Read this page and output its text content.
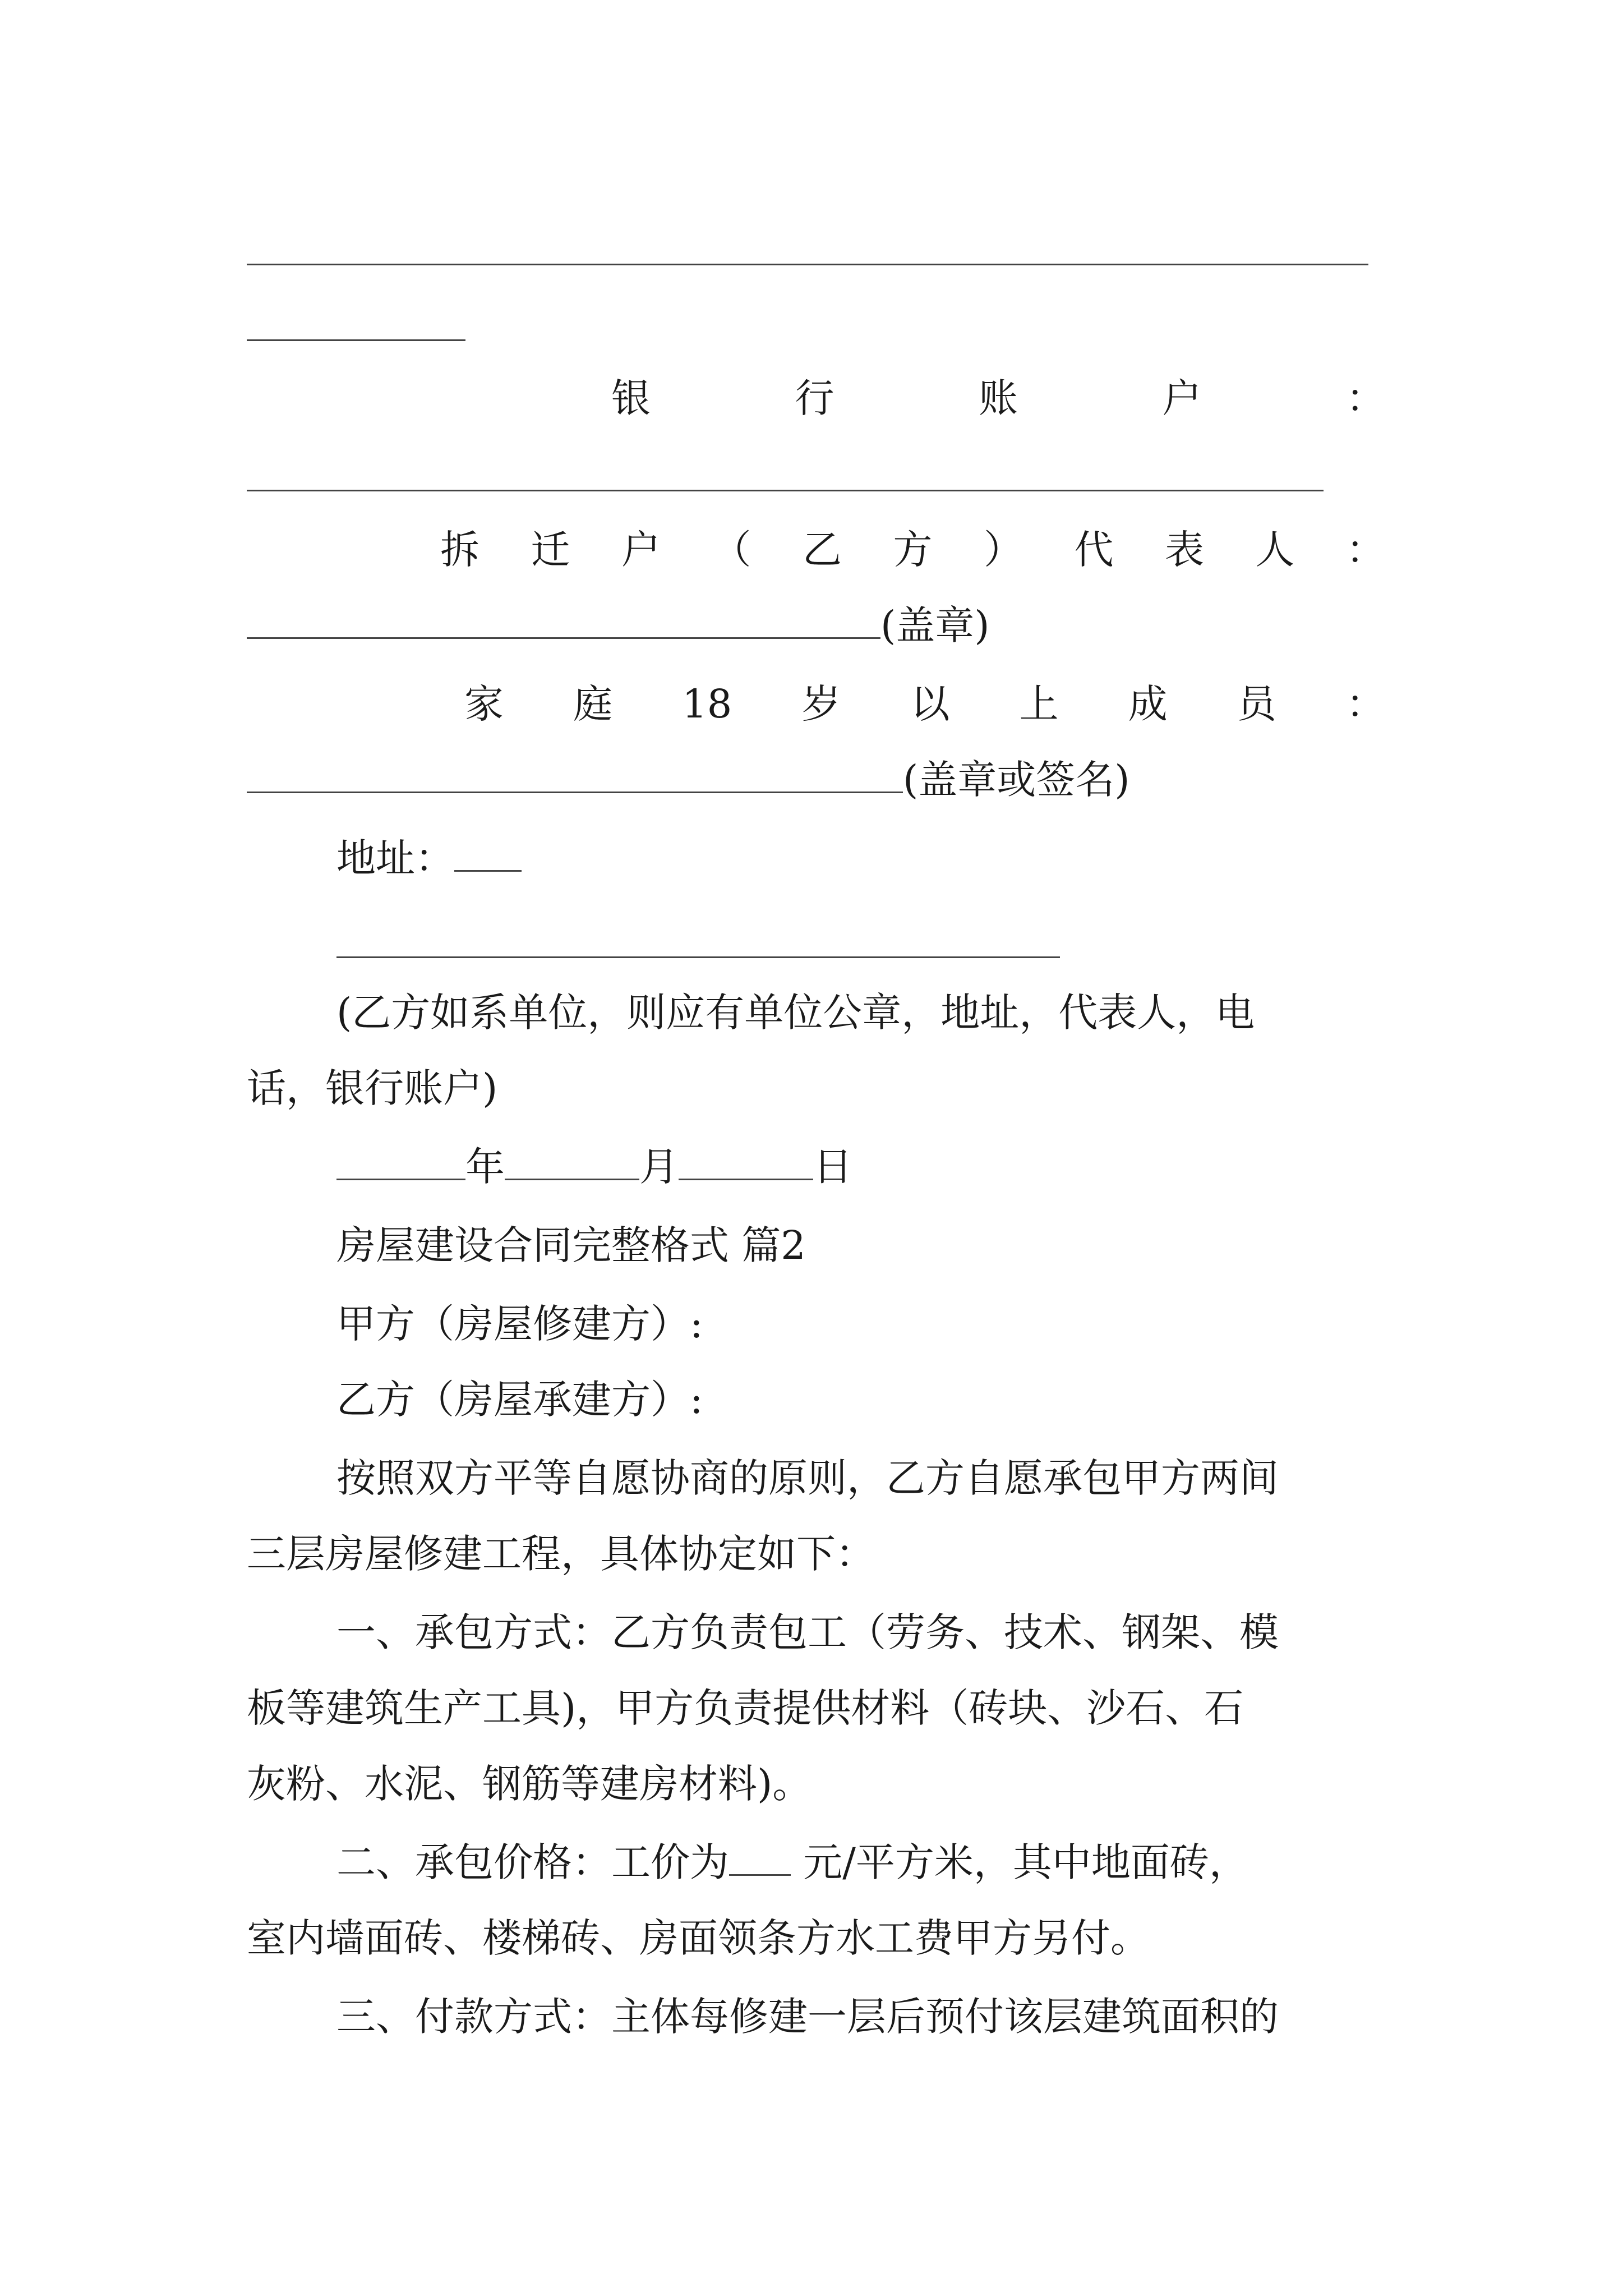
银	行	账	户	：
拆 迁 户 （ 乙 方 ） 代 表 人 ：
(盖章)
家 庭 18 岁 以 上 成 员 ：
(盖章或签名)
地址：
(乙方如系单位，则应有单位公章，地址，代表人，电
话，银行账户)
年	月	日
房屋建设合同完整格式 篇2
甲方（房屋修建方）:
乙方（房屋承建方）:
按照双方平等自愿协商的原则，乙方自愿承包甲方两间
三层房屋修建工程，具体协定如下：
一、承包方式：乙方负责包工（劳务、技术、钢架、模
板等建筑生产工具)，甲方负责提供材料（砖块、沙石、石
灰粉、水泥、钢筋等建房材料)。
二、承包价格：工价为 元/平方米，其中地面砖，
室内墙面砖、楼梯砖、房面领条方水工费甲方另付。
三、付款方式：主体每修建一层后预付该层建筑面积的
